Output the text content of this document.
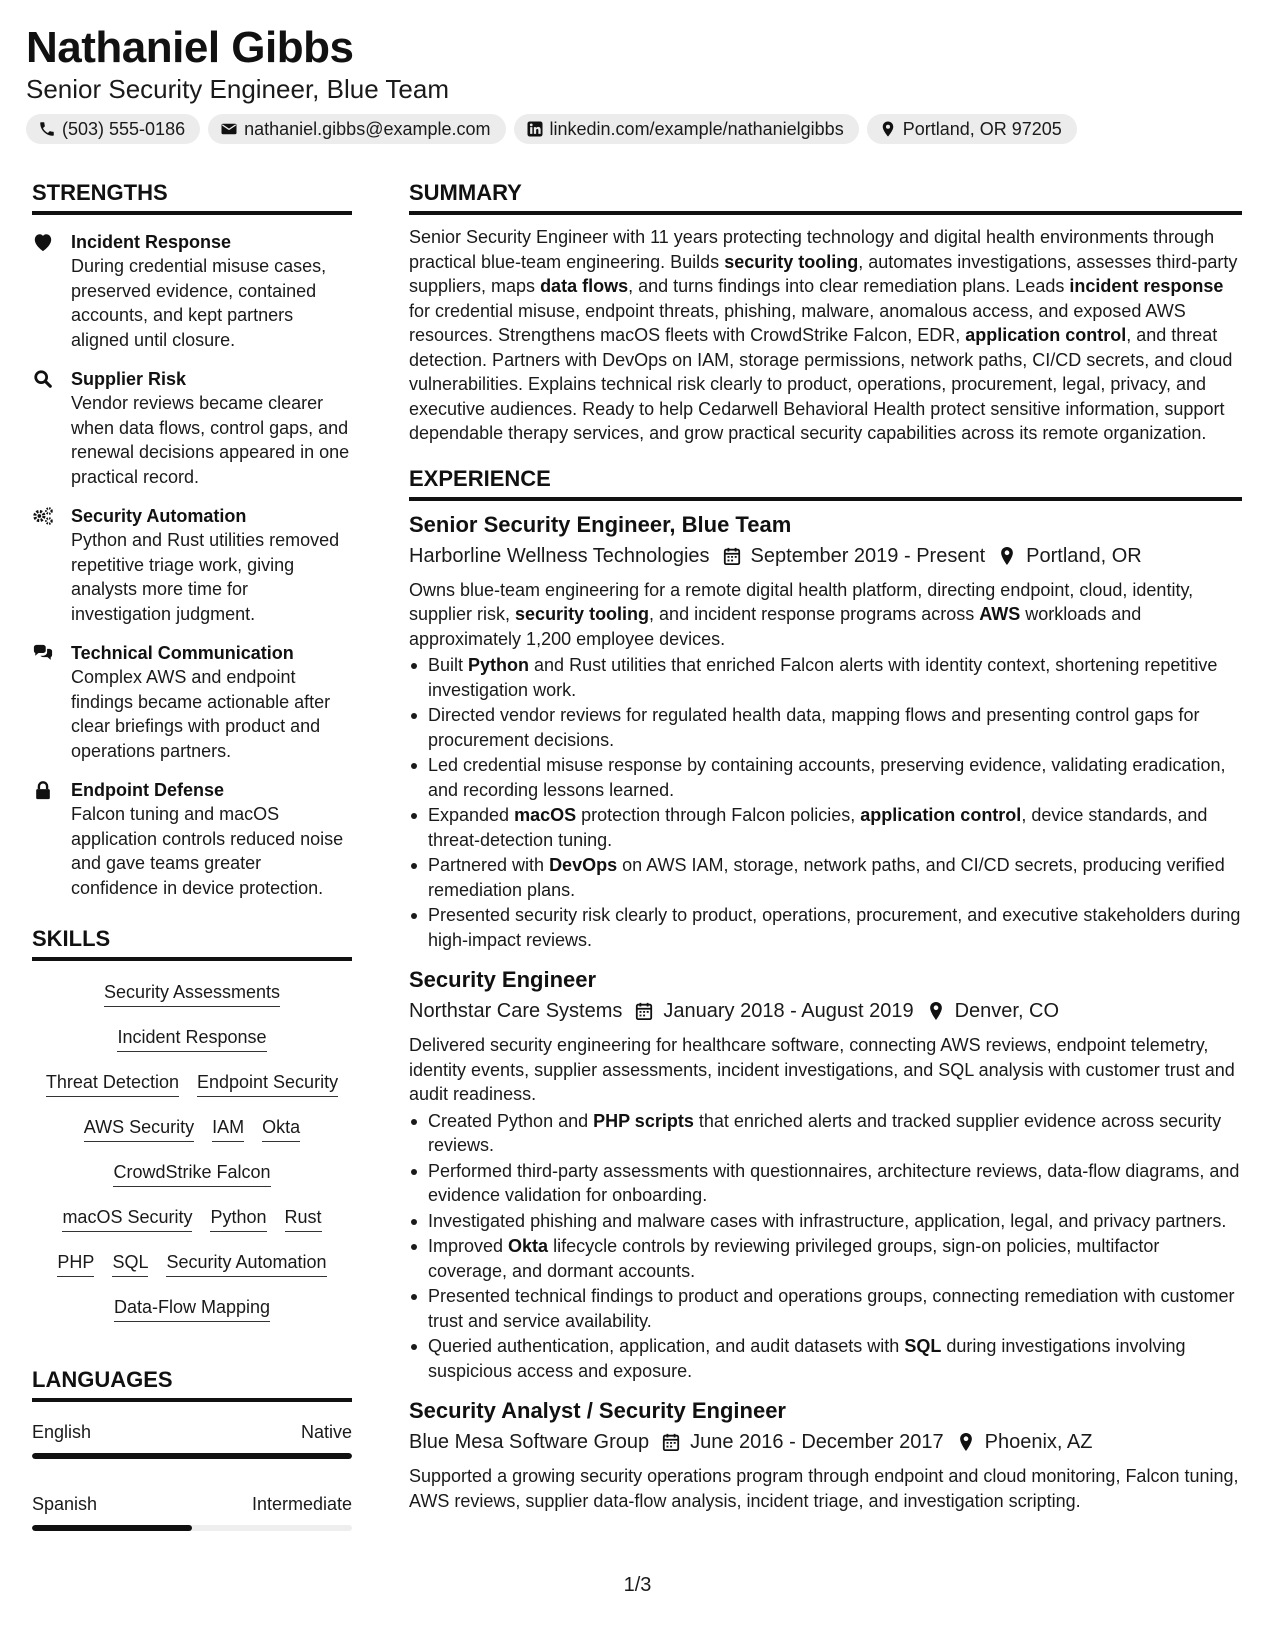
Nathaniel Gibbs
Senior Security Engineer, Blue Team
(503) 555-0186	nathaniel.gibbs@example.com	linkedin.com/example/nathanielgibbs	Portland, OR 97205
STRENGTHS
Incident Response
During credential misuse cases, preserved evidence, contained accounts, and kept partners aligned until closure.
Supplier Risk
Vendor reviews became clearer when data flows, control gaps, and renewal decisions appeared in one practical record.
Security Automation
Python and Rust utilities removed repetitive triage work, giving analysts more time for investigation judgment.
Technical Communication
Complex AWS and endpoint findings became actionable after clear briefings with product and operations partners.
Endpoint Defense
Falcon tuning and macOS application controls reduced noise and gave teams greater confidence in device protection.
SKILLS
Security Assessments
Incident Response
Threat Detection Endpoint Security
AWS Security IAM Okta
CrowdStrike Falcon
macOS Security Python Rust
PHP SQL Security Automation
Data-Flow Mapping
LANGUAGES
English	Native
Spanish	Intermediate
SUMMARY

Senior Security Engineer with 11 years protecting technology and digital health environments through practical blue-team engineering. Builds security tooling, automates investigations, assesses third-party suppliers, maps data flows, and turns findings into clear remediation plans. Leads incident response for credential misuse, endpoint threats, phishing, malware, anomalous access, and exposed AWS resources. Strengthens macOS fleets with CrowdStrike Falcon, EDR, application control, and threat detection. Partners with DevOps on IAM, storage permissions, network paths, CI/CD secrets, and cloud vulnerabilities. Explains technical risk clearly to product, operations, procurement, legal, privacy, and executive audiences. Ready to help Cedarwell Behavioral Health protect sensitive information, support dependable therapy services, and grow practical security capabilities across its remote organization.

EXPERIENCE
Senior Security Engineer, Blue Team
Harborline Wellness Technologies September 2019 - Present Portland, OR

Owns blue-team engineering for a remote digital health platform, directing endpoint, cloud, identity, supplier risk, security tooling, and incident response programs across AWS workloads and approximately 1,200 employee devices.

Built Python and Rust utilities that enriched Falcon alerts with identity context, shortening repetitive investigation work.
Directed vendor reviews for regulated health data, mapping flows and presenting control gaps for procurement decisions.
Led credential misuse response by containing accounts, preserving evidence, validating eradication, and recording lessons learned.
Expanded macOS protection through Falcon policies, application control, device standards, and threat-detection tuning.
Partnered with DevOps on AWS IAM, storage, network paths, and CI/CD secrets, producing verified remediation plans.
Presented security risk clearly to product, operations, procurement, and executive stakeholders during high-impact reviews.
Security Engineer
Northstar Care Systems January 2018 - August 2019 Denver, CO

Delivered security engineering for healthcare software, connecting AWS reviews, endpoint telemetry, identity events, supplier assessments, incident investigations, and SQL analysis with customer trust and audit readiness.

Created Python and PHP scripts that enriched alerts and tracked supplier evidence across security reviews.
Performed third-party assessments with questionnaires, architecture reviews, data-flow diagrams, and evidence validation for onboarding.
Investigated phishing and malware cases with infrastructure, application, legal, and privacy partners.
Improved Okta lifecycle controls by reviewing privileged groups, sign-on policies, multifactor coverage, and dormant accounts.
Presented technical findings to product and operations groups, connecting remediation with customer trust and service availability.
Queried authentication, application, and audit datasets with SQL during investigations involving suspicious access and exposure.
Security Analyst / Security Engineer
Blue Mesa Software Group June 2016 - December 2017 Phoenix, AZ

Supported a growing security operations program through endpoint and cloud monitoring, Falcon tuning, AWS reviews, supplier data-flow analysis, incident triage, and investigation scripting.

1/3
